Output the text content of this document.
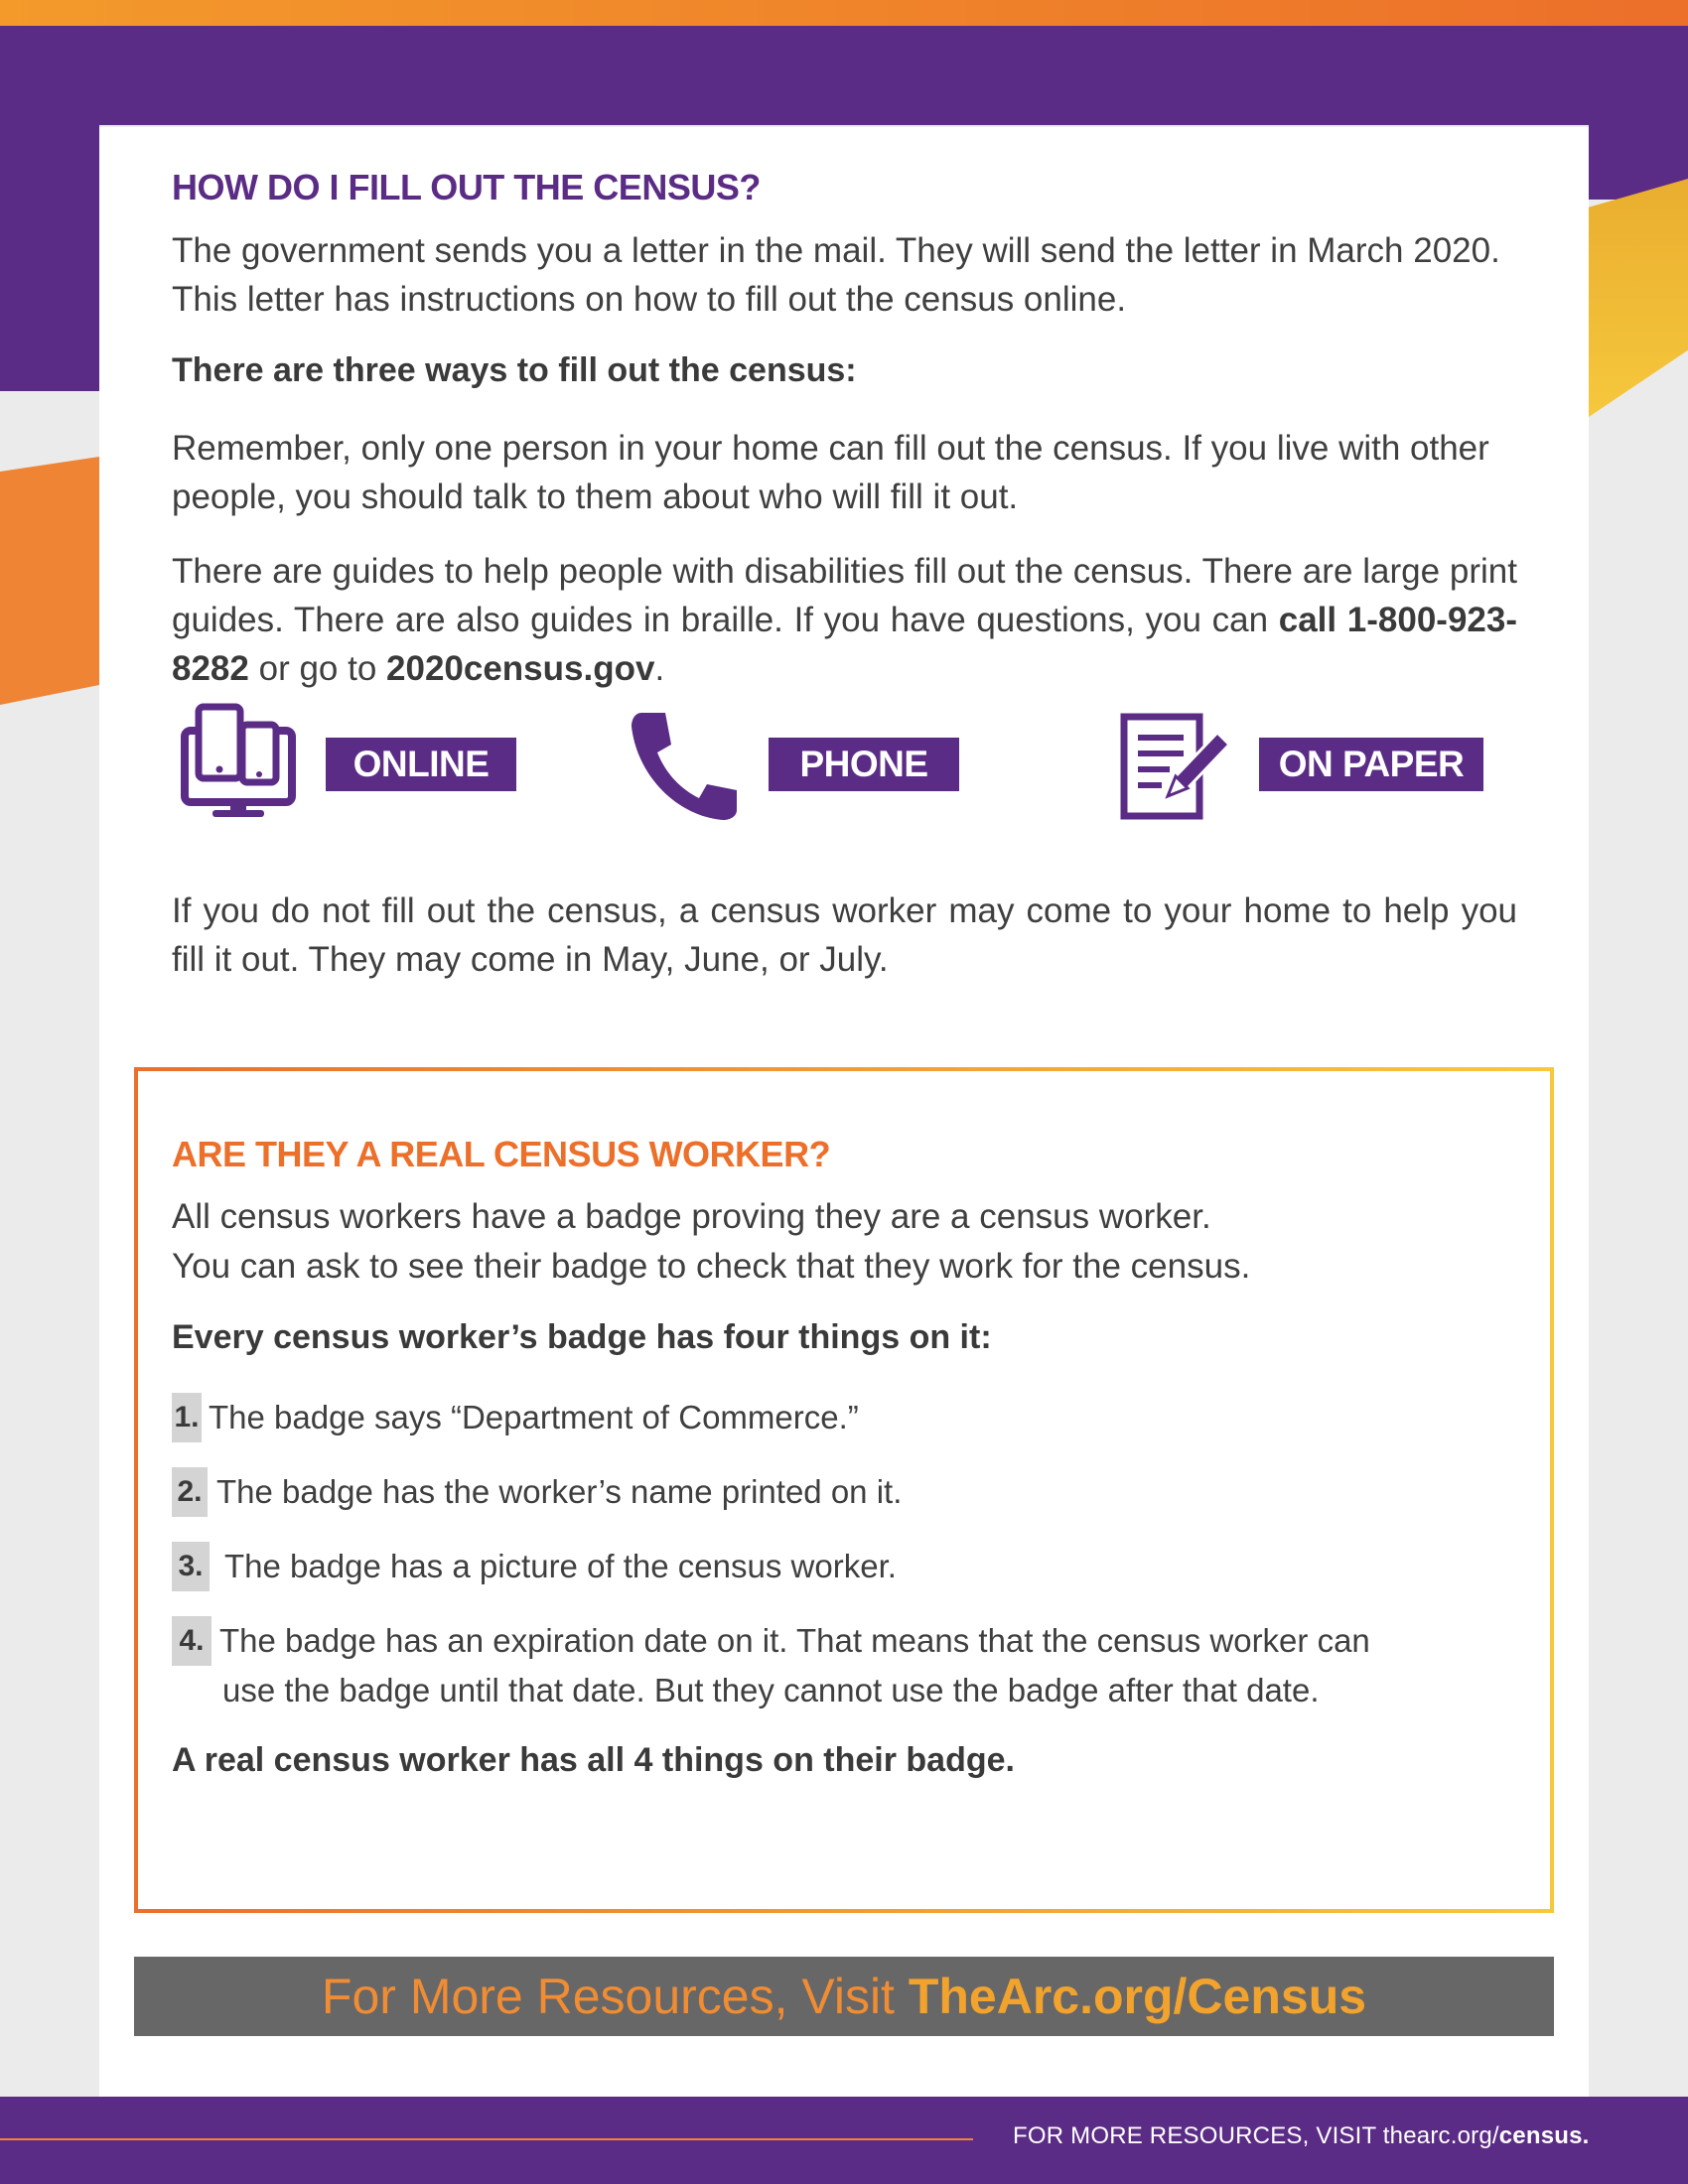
HOW DO I FILL OUT THE CENSUS?

The government sends you a letter in the mail. They will send the letter in March 2020. This letter has instructions on how to fill out the census online.

There are three ways to fill out the census:

Remember, only one person in your home can fill out the census. If you live with other people, you should talk to them about who will fill it out.

There are guides to help people with disabilities fill out the census. There are large print guides. There are also guides in braille. If you have questions, you can call 1-800-923-8282 or go to 2020census.gov.

ONLINE	PHONE	ON PAPER

If you do not fill out the census, a census worker may come to your home to help you fill it out. They may come in May, June, or July.

ARE THEY A REAL CENSUS WORKER?
All census workers have a badge proving they are a census worker.
You can ask to see their badge to check that they work for the census.
Every census worker’s badge has four things on it:
1. The badge says “Department of Commerce.”
2. The badge has the worker’s name printed on it.
3. The badge has a picture of the census worker.
4. The badge has an expiration date on it. That means that the census worker can
use the badge until that date. But they cannot use the badge after that date.
A real census worker has all 4 things on their badge.
For More Resources, Visit TheArc.org/Census
FOR MORE RESOURCES, VISIT thearc.org/census.
